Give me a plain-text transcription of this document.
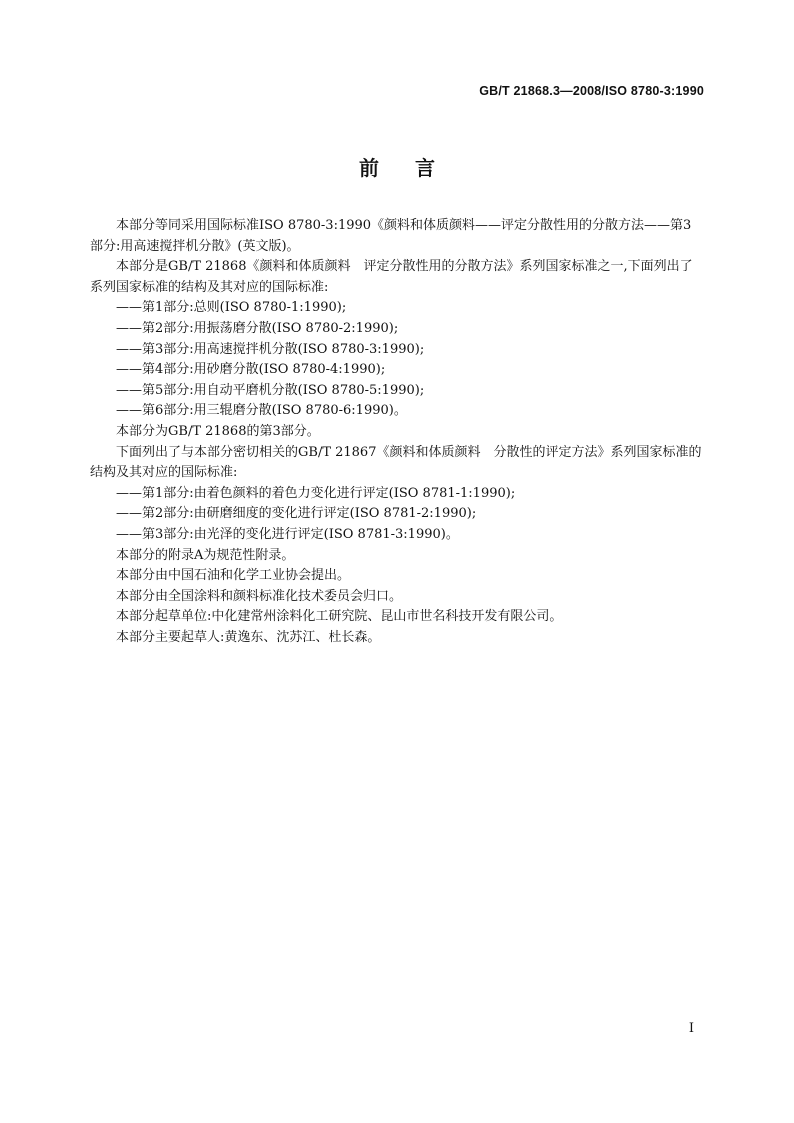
GB/T 21868.3—2008/ISO 8780-3:1990
前言

本部分等同采用国际标准ISO 8780-3:1990《颜料和体质颜料——评定分散性用的分散方法——第3部分:用高速搅拌机分散》(英文版)。

本部分是GB/T 21868《颜料和体质颜料　评定分散性用的分散方法》系列国家标准之一,下面列出了系列国家标准的结构及其对应的国际标准:

——第1部分:总则(ISO 8780-1:1990);
——第2部分:用振荡磨分散(ISO 8780-2:1990);
——第3部分:用高速搅拌机分散(ISO 8780-3:1990);
——第4部分:用砂磨分散(ISO 8780-4:1990);
——第5部分:用自动平磨机分散(ISO 8780-5:1990);
——第6部分:用三辊磨分散(ISO 8780-6:1990)。

本部分为GB/T 21868的第3部分。

下面列出了与本部分密切相关的GB/T 21867《颜料和体质颜料　分散性的评定方法》系列国家标准的结构及其对应的国际标准:

——第1部分:由着色颜料的着色力变化进行评定(ISO 8781-1:1990);
——第2部分:由研磨细度的变化进行评定(ISO 8781-2:1990);
——第3部分:由光泽的变化进行评定(ISO 8781-3:1990)。

本部分的附录A为规范性附录。

本部分由中国石油和化学工业协会提出。

本部分由全国涂料和颜料标准化技术委员会归口。

本部分起草单位:中化建常州涂料化工研究院、昆山市世名科技开发有限公司。

本部分主要起草人:黄逸东、沈苏江、杜长森。

I
